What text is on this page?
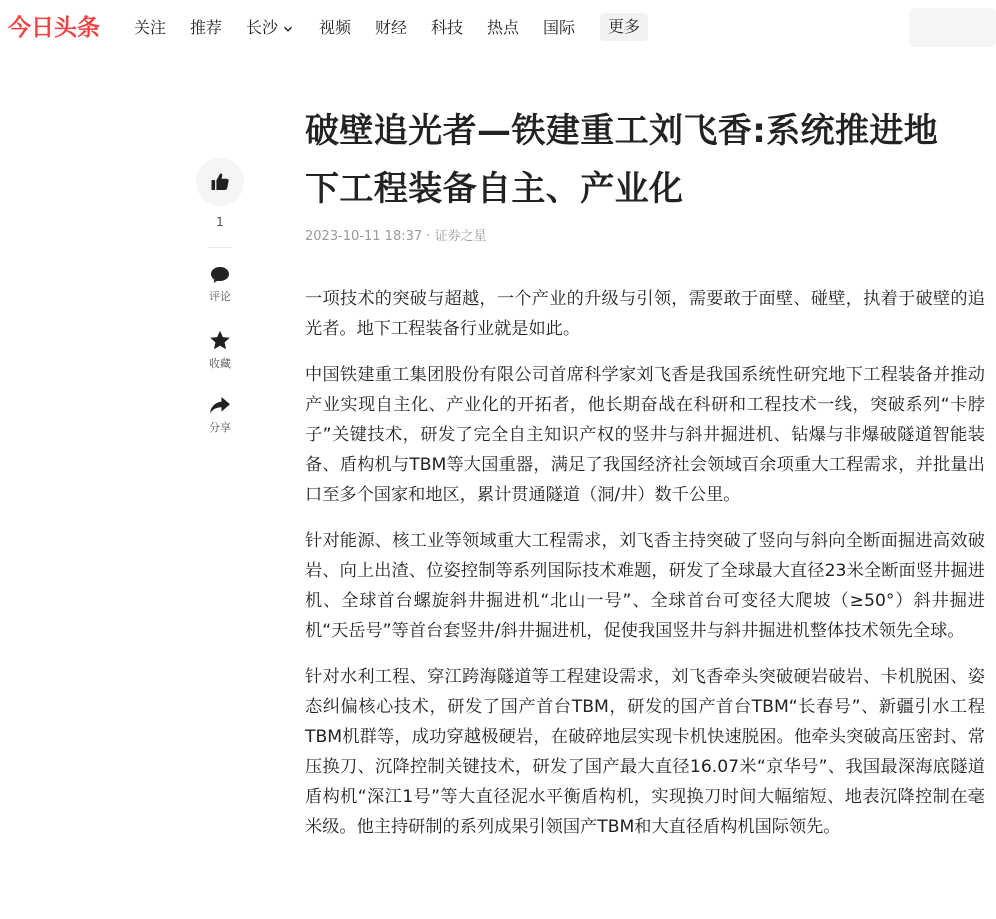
今日头条 关注 推荐 长沙	视频 财经 科技 热点 国际	更多
1
评论
收藏
分享
破壁追光者—铁建重工刘飞香:系统推进地下工程装备自主、产业化
2023-10-11 18:37 · 证券之星

一项技术的突破与超越，一个产业的升级与引领，需要敢于面壁、碰壁，执着于破壁的追光者。地下工程装备行业就是如此。

中国铁建重工集团股份有限公司首席科学家刘飞香是我国系统性研究地下工程装备并推动产业实现自主化、产业化的开拓者，他长期奋战在科研和工程技术一线，突破系列“卡脖子”关键技术，研发了完全自主知识产权的竖井与斜井掘进机、钻爆与非爆破隧道智能装备、盾构机与TBM等大国重器，满足了我国经济社会领域百余项重大工程需求，并批量出口至多个国家和地区，累计贯通隧道（洞/井）数千公里。

针对能源、核工业等领域重大工程需求，刘飞香主持突破了竖向与斜向全断面掘进高效破岩、向上出渣、位姿控制等系列国际技术难题，研发了全球最大直径23米全断面竖井掘进机、全球首台螺旋斜井掘进机“北山一号”、全球首台可变径大爬坡（≥50°）斜井掘进机“天岳号”等首台套竖井/斜井掘进机，促使我国竖井与斜井掘进机整体技术领先全球。

针对水利工程、穿江跨海隧道等工程建设需求，刘飞香牵头突破硬岩破岩、卡机脱困、姿态纠偏核心技术，研发了国产首台TBM，研发的国产首台TBM“长春号”、新疆引水工程TBM机群等，成功穿越极硬岩，在破碎地层实现卡机快速脱困。他牵头突破高压密封、常压换刀、沉降控制关键技术，研发了国产最大直径16.07米“京华号”、我国最深海底隧道盾构机“深江1号”等大直径泥水平衡盾构机，实现换刀时间大幅缩短、地表沉降控制在毫米级。他主持研制的系列成果引领国产TBM和大直径盾构机国际领先。
